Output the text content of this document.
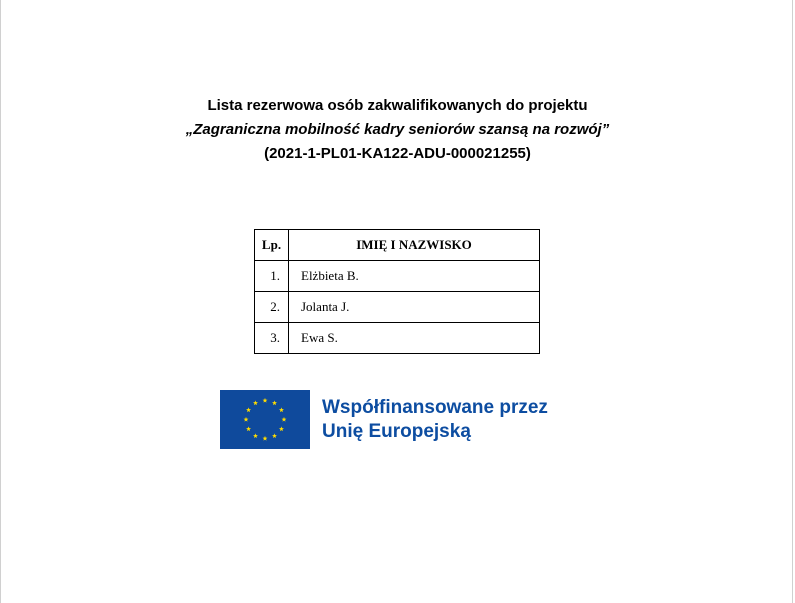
Lista rezerwowa osób zakwalifikowanych do projektu
„Zagraniczna mobilność kadry seniorów szansą na rozwój”
(2021-1-PL01-KA122-ADU-000021255)
Lp.	IMIĘ I NAZWISKO
1.	Elżbieta B.
2.	Jolanta J.
3.	Ewa S.
Współfinansowane przez
Unię Europejską
